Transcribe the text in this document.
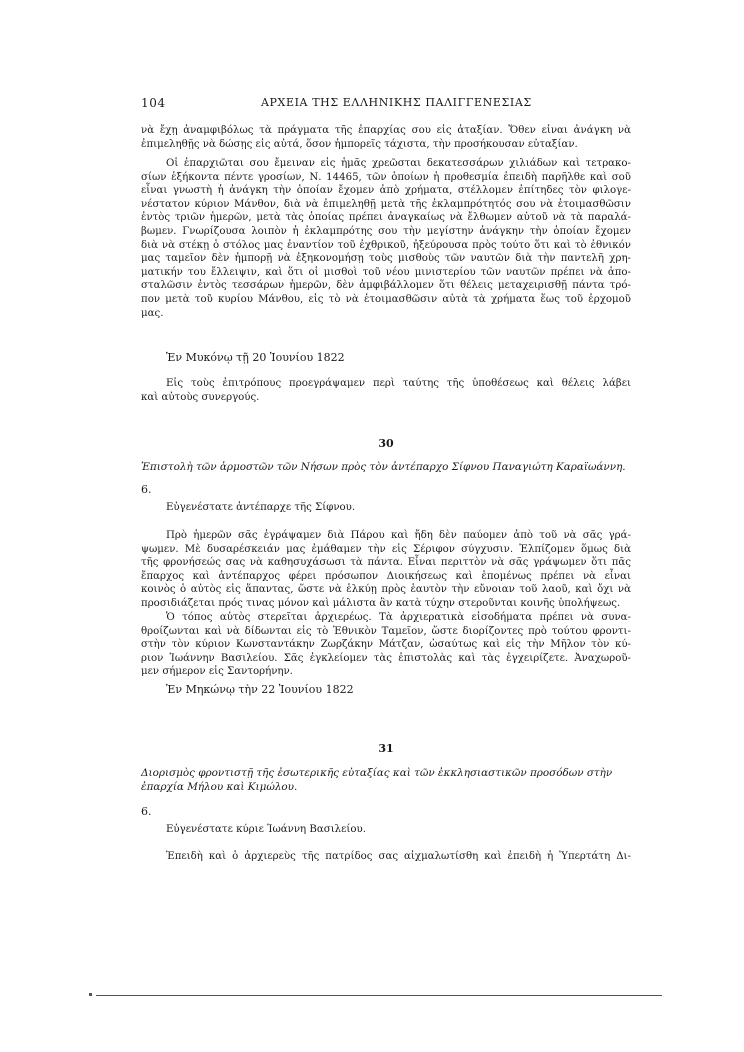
104	ΑΡΧΕΙΑ ΤΗΣ ΕΛΛΗΝΙΚΗΣ ΠΑΛΙΓΓΕΝΕΣΙΑΣ
νὰ ἔχῃ ἀναμφιβόλως τὰ πράγματα τῆς ἐπαρχίας σου εἰς ἀταξίαν. Ὅθεν εἶναι ἀνάγκη νὰ
ἐπιμεληθῇς νὰ δώσῃς εἰς αὐτά, ὅσον ἠμπορεῖς τάχιστα, τὴν προσήκουσαν εὐταξίαν.
Οἱ ἐπαρχιῶται σου ἔμειναν εἰς ἡμᾶς χρεῶσται δεκατεσσάρων χιλιάδων καὶ τετρακο-
σίων ἑξήκοντα πέντε γροσίων, Ν. 14465, τῶν ὁποίων ἡ προθεσμία ἐπειδὴ παρῆλθε καὶ σοῦ
εἶναι γνωστὴ ἡ ἀνάγκη τὴν ὁποίαν ἔχομεν ἀπὸ χρήματα, στέλλομεν ἐπίτηδες τὸν φιλογε-
νέστατον κύριον Μάνθον, διὰ νὰ ἐπιμεληθῇ μετὰ τῆς ἐκλαμπρότητός σου νὰ ἑτοιμασθῶσιν
ἐντὸς τριῶν ἡμερῶν, μετὰ τὰς ὁποίας πρέπει ἀναγκαίως νὰ ἔλθωμεν αὐτοῦ νὰ τὰ παραλά-
βωμεν. Γνωρίζουσα λοιπὸν ἡ ἐκλαμπρότης σου τὴν μεγίστην ἀνάγκην τὴν ὁποίαν ἔχομεν
διὰ νὰ στέκῃ ὁ στόλος μας ἐναντίον τοῦ ἐχθρικοῦ, ἠξεύρουσα πρὸς τούτο ὅτι καὶ τὸ ἐθνικόν
μας ταμεῖον δὲν ἠμπορῇ νὰ ἐξηκονομήσῃ τοὺς μισθοὺς τῶν ναυτῶν διὰ τὴν παντελῆ χρη-
ματικήν του ἔλλειψιν, καὶ ὅτι οἱ μισθοὶ τοῦ νέου μινιστερίου τῶν ναυτῶν πρέπει νὰ ἀπο-
σταλῶσιν ἐντὸς τεσσάρων ἡμερῶν, δὲν ἀμφιβάλλομεν ὅτι θέλεις μεταχειρισθῇ πάντα τρό-
πον μετὰ τοῦ κυρίου Μάνθου, εἰς τὸ νὰ ἑτοιμασθῶσιν αὐτὰ τὰ χρήματα ἕως τοῦ ἐρχομοῦ
μας.
Ἐν Μυκόνῳ τῇ 20 Ἰουνίου 1822
Εἰς τοὺς ἐπιτρόπους προεγράψαμεν περὶ ταύτης τῆς ὑποθέσεως καὶ θέλεις λάβει
καὶ αὐτοὺς συνεργούς.
30
Ἐπιστολὴ τῶν ἁρμοστῶν τῶν Νήσων πρὸς τὸν ἀντέπαρχο Σίφνου Παναγιώτη Καραϊωάννη.
6.
Εὐγενέστατε ἀντέπαρχε τῆς Σίφνου.
Πρὸ ἡμερῶν σᾶς ἐγράψαμεν διὰ Πάρου καὶ ἤδη δὲν παύομεν ἀπὸ τοῦ νὰ σᾶς γρά-
ψωμεν. Μὲ δυσαρέσκειάν μας ἐμάθαμεν τὴν εἰς Σέριφον σύγχυσιν. Ἐλπίζομεν ὅμως διὰ
τῆς φρονήσεώς σας νὰ καθησυχάσωσι τὰ πάντα. Εἶναι περιττὸν νὰ σᾶς γράψωμεν ὅτι πᾶς
ἔπαρχος καὶ ἀντέπαρχος φέρει πρόσωπον Διοικήσεως καὶ ἑπομένως πρέπει νὰ εἶναι
κοινὸς ὁ αὐτὸς εἰς ἅπαντας, ὥστε νὰ ἑλκύῃ πρὸς ἑαυτὸν τὴν εὔνοιαν τοῦ λαοῦ, καὶ ὄχι νὰ
προσιδιάζεται πρός τινας μόνον καὶ μάλιστα ἂν κατὰ τύχην στεροῦνται κοινῆς ὑπολήψεως.
Ὁ τόπος αὐτὸς στερεῖται ἀρχιερέως. Τὰ ἀρχιερατικὰ εἰσοδήματα πρέπει νὰ συνα-
θροίζωνται καὶ νὰ δίδωνται εἰς τὸ Ἐθνικὸν Ταμεῖον, ὥστε διορίζοντες πρὸ τούτου φροντι-
στὴν τὸν κύριον Κωνσταντάκην Ζωρζάκην Μάτζαν, ὡσαύτως καὶ εἰς τὴν Μῆλον τὸν κύ-
ριον Ἰωάννην Βασιλείου. Σᾶς ἐγκλείομεν τὰς ἐπιστολὰς καὶ τὰς ἐγχειρίζετε. Ἀναχωροῦ-
μεν σήμερον εἰς Σαντορήνην.
Ἐν Μηκώνῳ τὴν 22 Ἰουνίου 1822
31
Διορισμὸς φροντιστῇ τῆς ἐσωτερικῆς εὐταξίας καὶ τῶν ἐκκλησιαστικῶν προσόδων στὴν
ἐπαρχία Μήλου καὶ Κιμώλου.
6.
Εὐγενέστατε κύριε Ἰωάννη Βασιλείου.
Ἐπειδὴ καὶ ὁ ἀρχιερεὺς τῆς πατρίδος σας αἰχμαλωτίσθη καὶ ἐπειδὴ ἡ Ὑπερτάτη Δι-
